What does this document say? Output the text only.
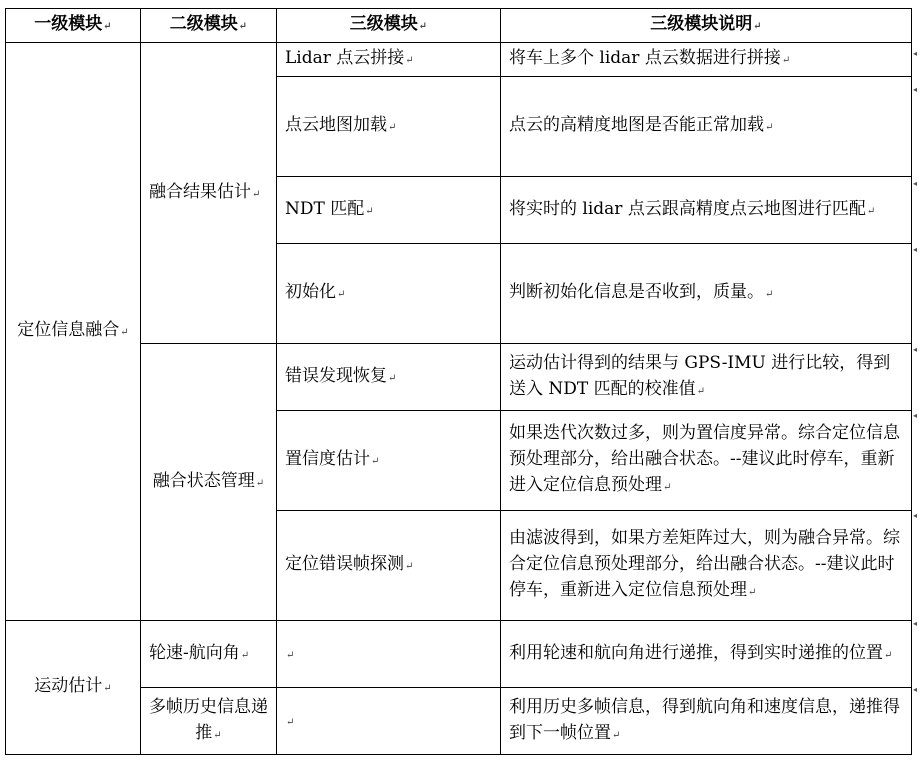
一级模块↵	二级模块↵	三级模块↵	三级模块说明↵
定位信息融合↵	融合结果估计↵	Lidar 点云拼接↵	将车上多个 lidar 点云数据进行拼接↵
		点云地图加载↵	点云的高精度地图是否能正常加载↵
		NDT 匹配↵	将实时的 lidar 点云跟高精度点云地图进行匹配↵
		初始化↵	判断初始化信息是否收到，质量。↵
	融合状态管理↵	错误发现恢复↵	运动估计得到的结果与 GPS-IMU 进行比较，得到送入 NDT 匹配的校准值↵
		置信度估计↵	如果迭代次数过多，则为置信度异常。综合定位信息预处理部分，给出融合状态。--建议此时停车，重新进入定位信息预处理↵
		定位错误帧探测↵	由滤波得到，如果方差矩阵过大，则为融合异常。综合定位信息预处理部分，给出融合状态。--建议此时停车，重新进入定位信息预处理↵
运动估计↵	轮速-航向角↵	↵	利用轮速和航向角进行递推，得到实时递推的位置↵
	多帧历史信息递推↵	↵	利用历史多帧信息，得到航向角和速度信息，递推得到下一帧位置↵
◂
◂
◂
◂
◂
◂
◂
◂
◂
